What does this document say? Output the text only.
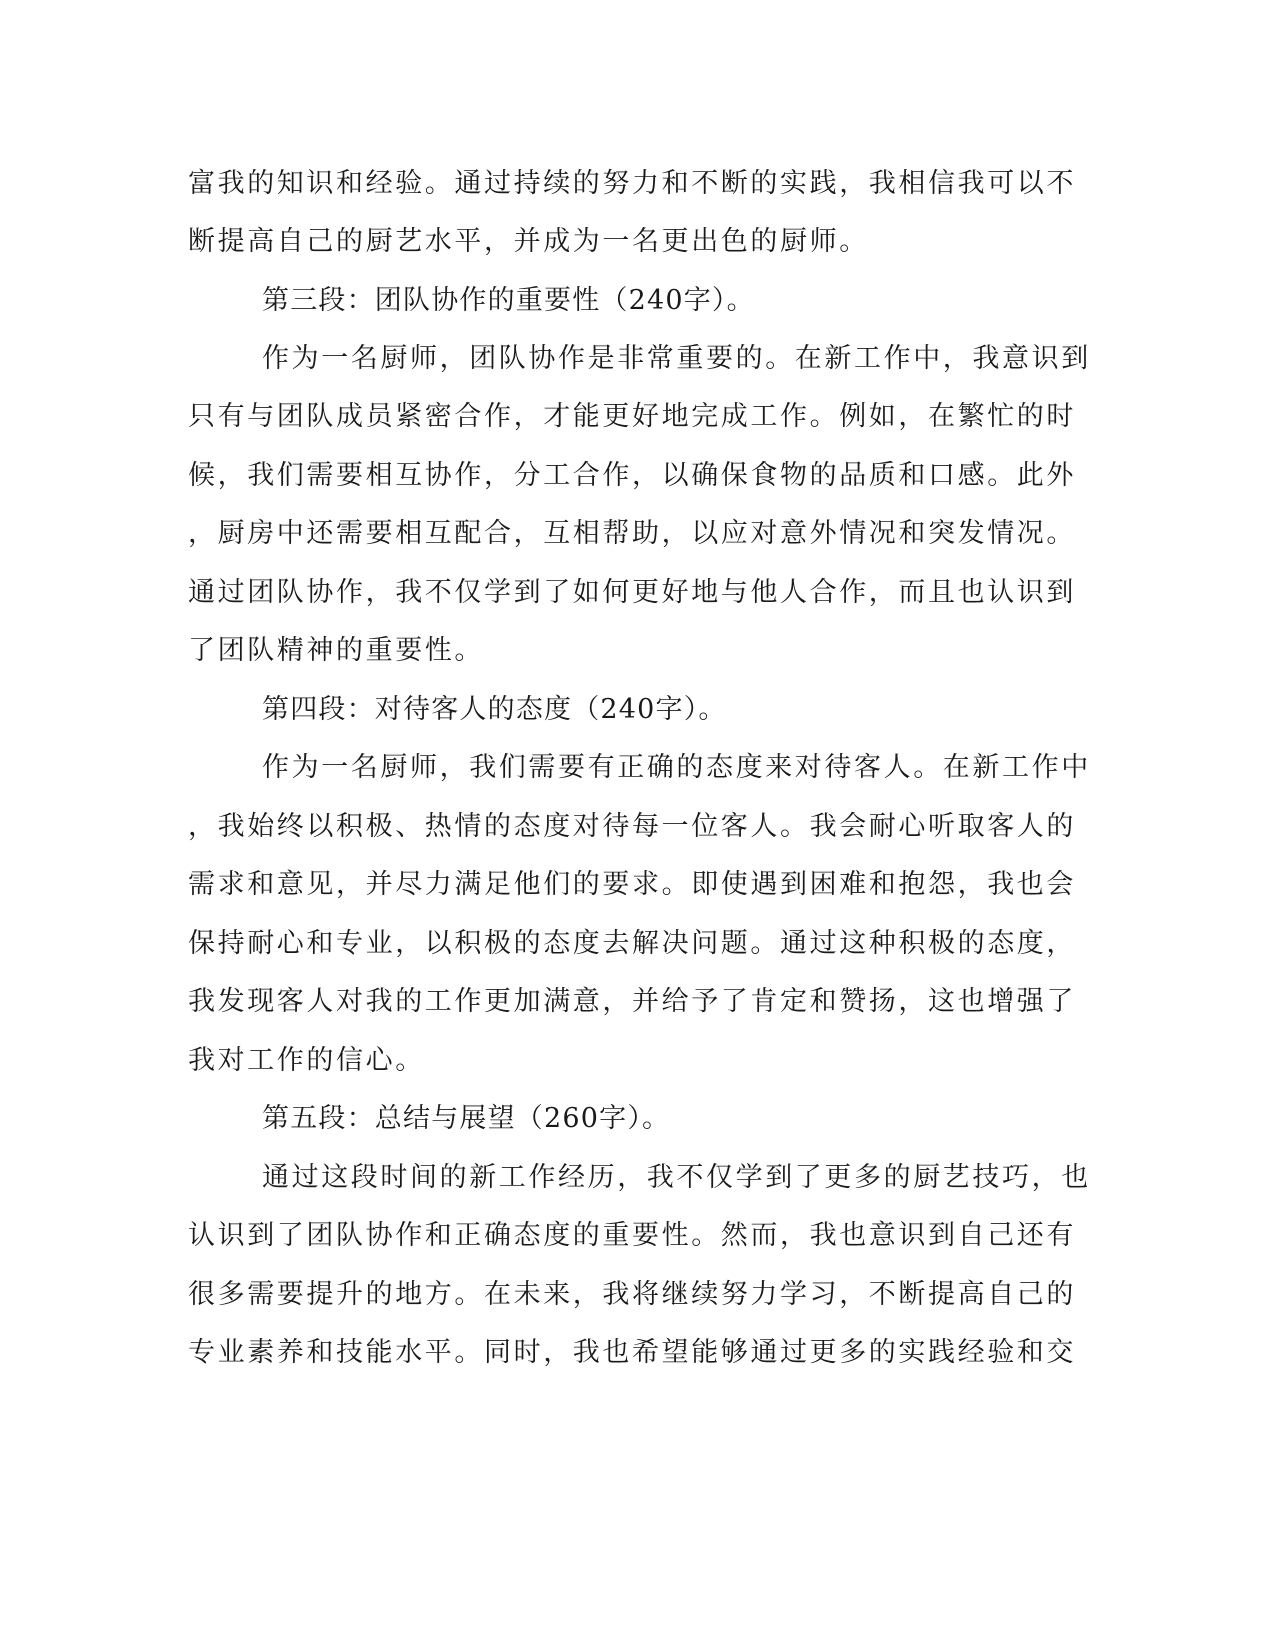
富我的知识和经验。通过持续的努力和不断的实践，我相信我可以不
断提高自己的厨艺水平，并成为一名更出色的厨师。
第三段：团队协作的重要性（240字）。
作为一名厨师，团队协作是非常重要的。在新工作中，我意识到
只有与团队成员紧密合作，才能更好地完成工作。例如，在繁忙的时
候，我们需要相互协作，分工合作，以确保食物的品质和口感。此外
，厨房中还需要相互配合，互相帮助，以应对意外情况和突发情况。
通过团队协作，我不仅学到了如何更好地与他人合作，而且也认识到
了团队精神的重要性。
第四段：对待客人的态度（240字）。
作为一名厨师，我们需要有正确的态度来对待客人。在新工作中
，我始终以积极、热情的态度对待每一位客人。我会耐心听取客人的
需求和意见，并尽力满足他们的要求。即使遇到困难和抱怨，我也会
保持耐心和专业，以积极的态度去解决问题。通过这种积极的态度，
我发现客人对我的工作更加满意，并给予了肯定和赞扬，这也增强了
我对工作的信心。
第五段：总结与展望（260字）。
通过这段时间的新工作经历，我不仅学到了更多的厨艺技巧，也
认识到了团队协作和正确态度的重要性。然而，我也意识到自己还有
很多需要提升的地方。在未来，我将继续努力学习，不断提高自己的
专业素养和技能水平。同时，我也希望能够通过更多的实践经验和交
